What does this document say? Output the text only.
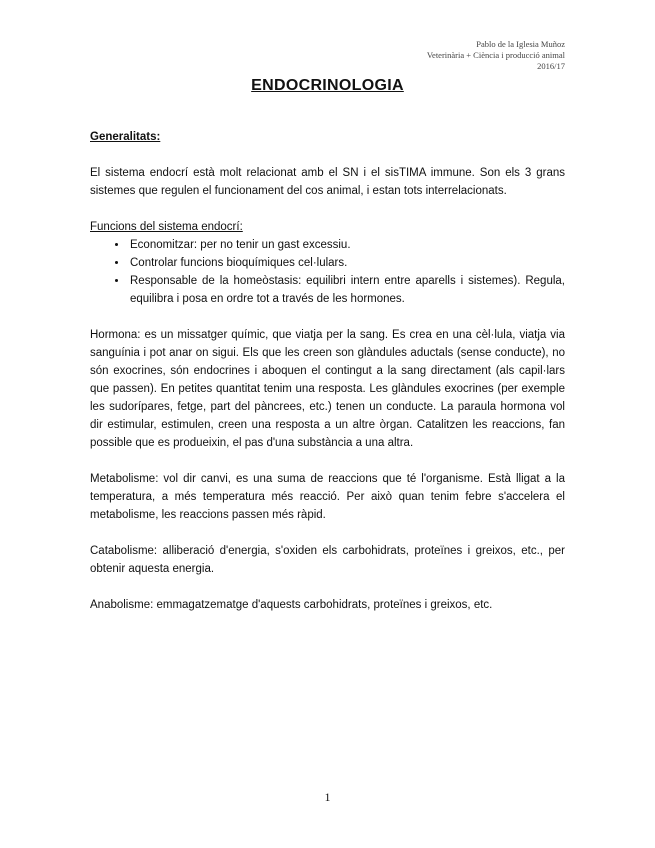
Pablo de la Iglesia Muñoz
Veterinària + Ciència i producció animal
2016/17
ENDOCRINOLOGIA

Generalitats:

El sistema endocrí està molt relacionat amb el SN i el sisTIMA immune. Son els 3 grans sistemes que regulen el funcionament del cos animal, i estan tots interrelacionats.

Funcions del sistema endocrí:

• Economitzar: per no tenir un gast excessiu.
• Controlar funcions bioquímiques cel·lulars.
• Responsable de la homeòstasis: equilibri intern entre aparells i sistemes). Regula, equilibra i posa en ordre tot a través de les hormones.

Hormona: es un missatger químic, que viatja per la sang. Es crea en una cèl·lula, viatja via sanguínia i pot anar on sigui. Els que les creen son glàndules aductals (sense conducte), no són exocrines, són endocrines i aboquen el contingut a la sang directament (als capil·lars que passen). En petites quantitat tenim una resposta. Les glàndules exocrines (per exemple les sudorípares, fetge, part del pàncrees, etc.) tenen un conducte. La paraula hormona vol dir estimular, estimulen, creen una resposta a un altre òrgan. Catalitzen les reaccions, fan possible que es produeixin, el pas d'una substància a una altra.

Metabolisme: vol dir canvi, es una suma de reaccions que té l'organisme. Està lligat a la temperatura, a més temperatura més reacció. Per això quan tenim febre s'accelera el metabolisme, les reaccions passen més ràpid.

Catabolisme: alliberació d'energia, s'oxiden els carbohidrats, proteïnes i greixos, etc., per obtenir aquesta energia.

Anabolisme: emmagatzematge d'aquests carbohidrats, proteïnes i greixos, etc.

1
